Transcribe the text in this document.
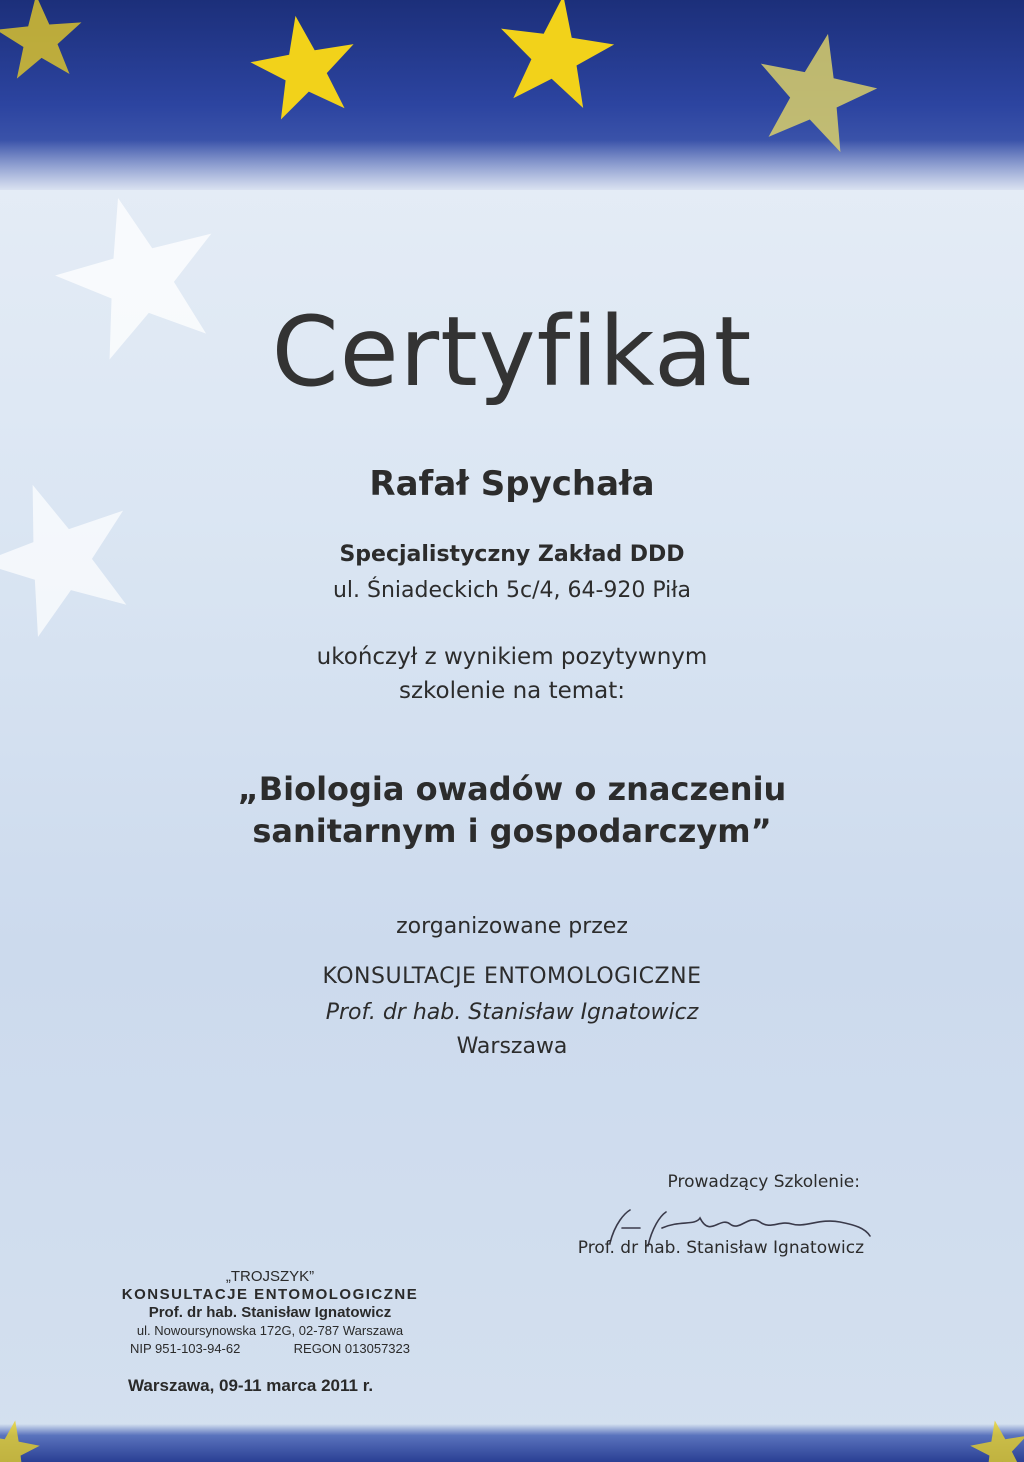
Certyfikat
Rafał Spychała
Specjalistyczny Zakład DDD
ul. Śniadeckich 5c/4, 64-920 Piła
ukończył z wynikiem pozytywnym
szkolenie na temat:
„Biologia owadów o znaczeniu
sanitarnym i gospodarczym”
zorganizowane przez
KONSULTACJE ENTOMOLOGICZNE
Prof. dr hab. Stanisław Ignatowicz
Warszawa
Prowadzący Szkolenie:
Prof. dr hab. Stanisław Ignatowicz
„TROJSZYK”
KONSULTACJE ENTOMOLOGICZNE
Prof. dr hab. Stanisław Ignatowicz
ul. Nowoursynowska 172G, 02-787 Warszawa
NIP 951-103-94-62	REGON 013057323
Warszawa, 09-11 marca 2011 r.
